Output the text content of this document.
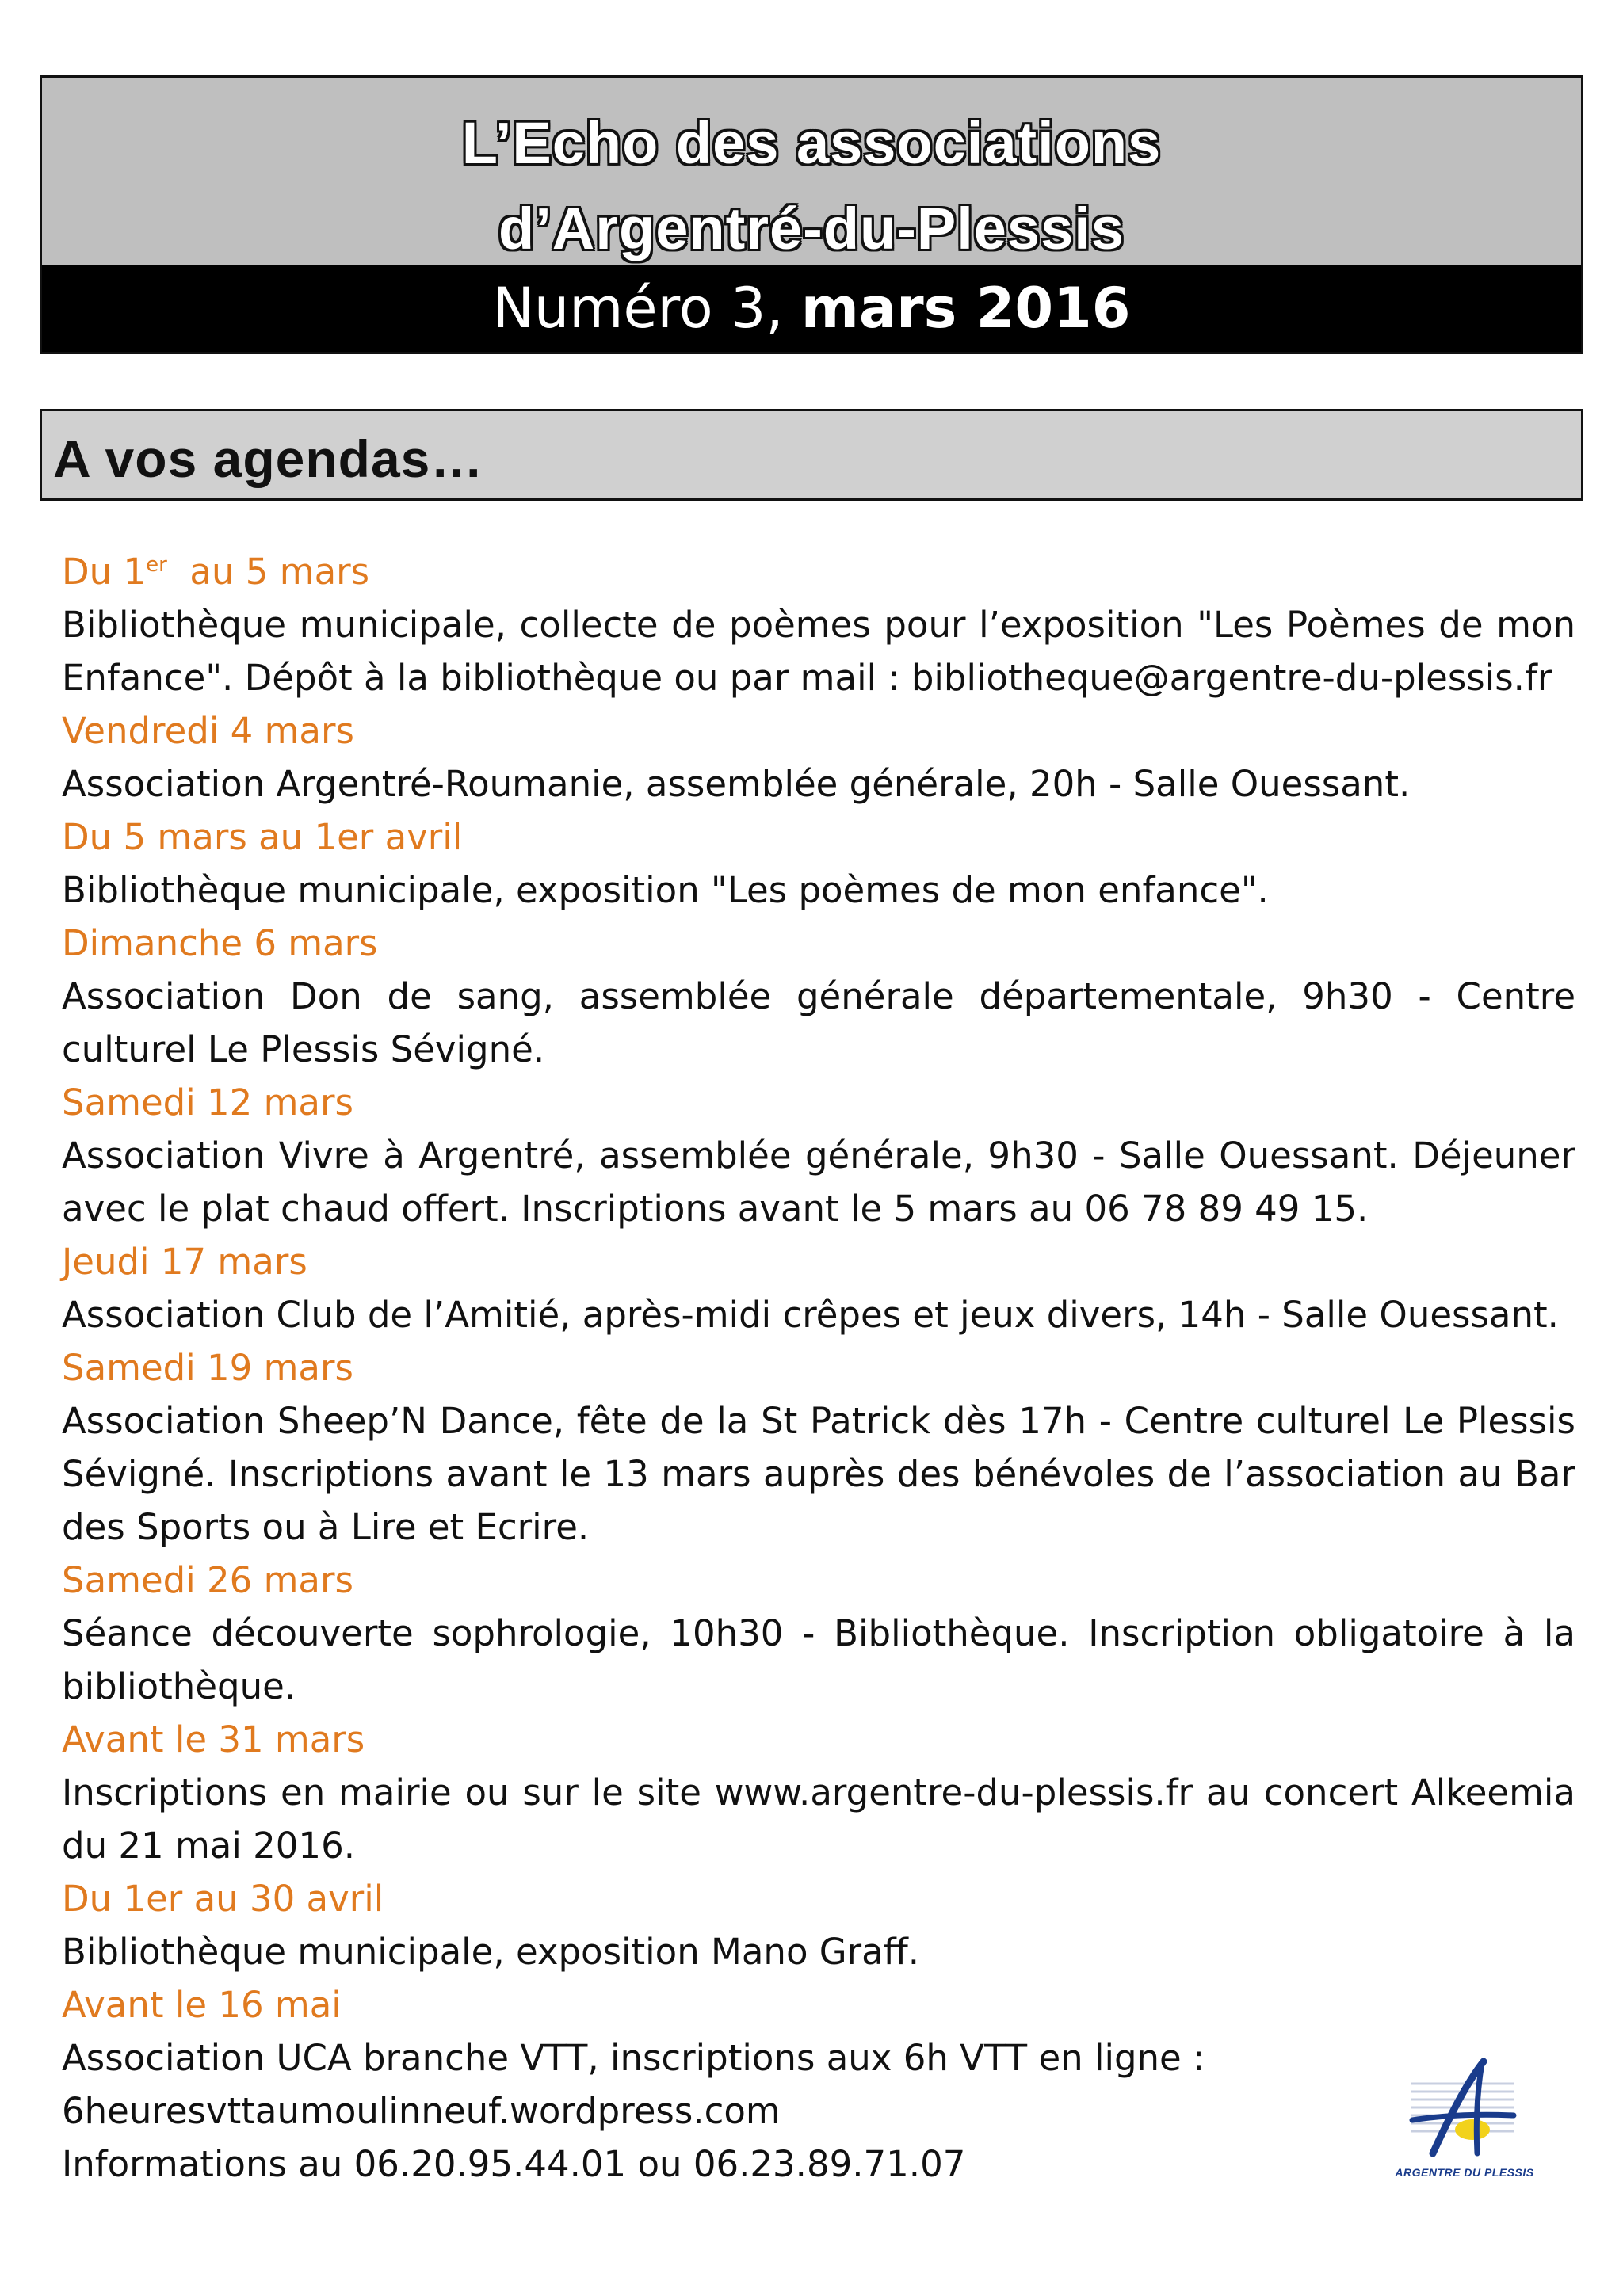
L’Echo des associations
d’Argentré-du-Plessis
Numéro 3, mars 2016
A vos agendas…
Du 1er  au 5 mars
Bibliothèque municipale, collecte de poèmes pour l’exposition "Les Poèmes de mon Enfance". Dépôt à la bibliothèque ou par mail : bibliotheque@argentre-du-plessis.fr
Vendredi 4 mars
Association Argentré-Roumanie, assemblée générale, 20h - Salle Ouessant.
Du 5 mars au 1er avril
Bibliothèque municipale, exposition "Les poèmes de mon enfance".
Dimanche 6 mars
Association Don de sang, assemblée générale départementale, 9h30 - Centre culturel Le Plessis Sévigné.
Samedi 12 mars
Association Vivre à Argentré, assemblée générale, 9h30 - Salle Ouessant. Déjeuner avec le plat chaud offert. Inscriptions avant le 5 mars au 06 78 89 49 15.
Jeudi 17 mars
Association Club de l’Amitié, après-midi crêpes et jeux divers, 14h - Salle Ouessant.
Samedi 19 mars
Association Sheep’N Dance, fête de la St Patrick dès 17h - Centre culturel Le Plessis Sévigné. Inscriptions avant le 13 mars auprès des bénévoles de l’association au Bar des Sports ou à Lire et Ecrire.
Samedi 26 mars
Séance découverte sophrologie, 10h30 - Bibliothèque. Inscription obligatoire à la bibliothèque.
Avant le 31 mars
Inscriptions en mairie ou sur le site www.argentre-du-plessis.fr au concert Alkeemia du 21 mai 2016.
Du 1er au 30 avril
Bibliothèque municipale, exposition Mano Graff.
Avant le 16 mai
Association UCA branche VTT, inscriptions aux 6h VTT en ligne :
6heuresvttaumoulinneuf.wordpress.com
Informations au 06.20.95.44.01 ou 06.23.89.71.07	ARGENTRE DU PLESSIS
